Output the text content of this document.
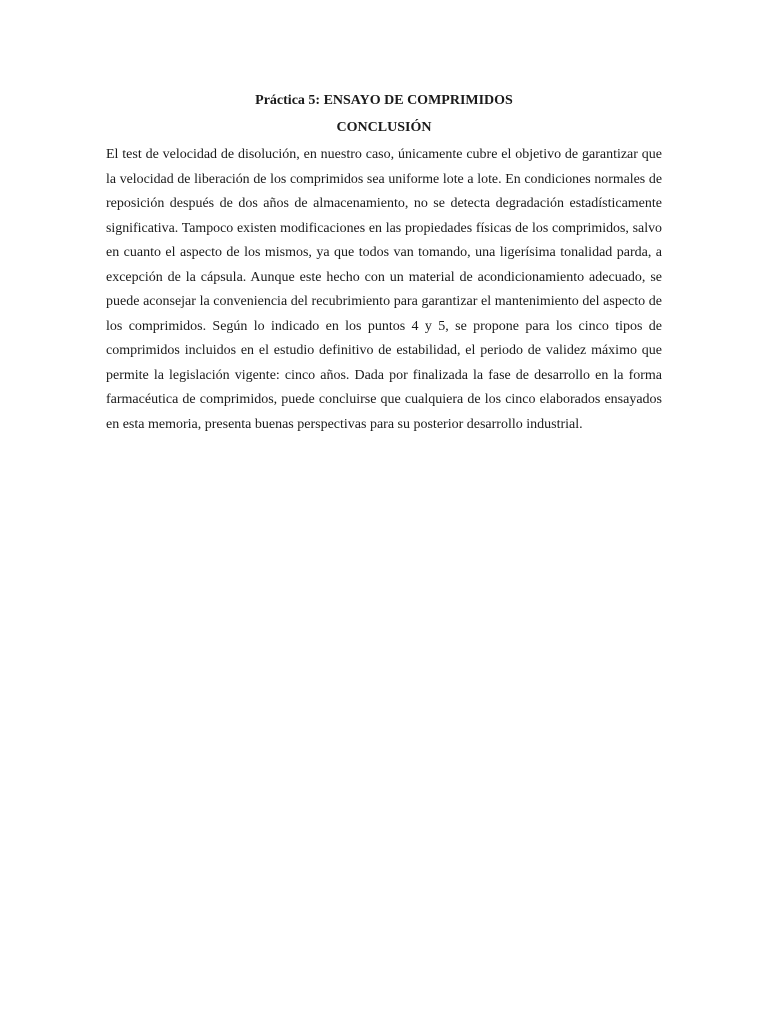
Práctica 5: ENSAYO DE COMPRIMIDOS
CONCLUSIÓN

El test de velocidad de disolución, en nuestro caso, únicamente cubre el objetivo de garantizar que
la velocidad de liberación de los comprimidos sea uniforme lote a lote. En condiciones normales de
reposición después de dos años de almacenamiento, no se detecta degradación estadísticamente
significativa. Tampoco existen modificaciones en las propiedades físicas de los comprimidos, salvo
en cuanto el aspecto de los mismos, ya que todos van tomando, una ligerísima tonalidad parda, a
excepción de la cápsula. Aunque este hecho con un material de acondicionamiento adecuado, se
puede aconsejar la conveniencia del recubrimiento para garantizar el mantenimiento del aspecto de
los comprimidos. Según lo indicado en los puntos 4 y 5, se propone para los cinco tipos de
comprimidos incluidos en el estudio definitivo de estabilidad, el periodo de validez máximo que
permite la legislación vigente: cinco años. Dada por finalizada la fase de desarrollo en la forma
farmacéutica de comprimidos, puede concluirse que cualquiera de los cinco elaborados ensayados
en esta memoria, presenta buenas perspectivas para su posterior desarrollo industrial.
